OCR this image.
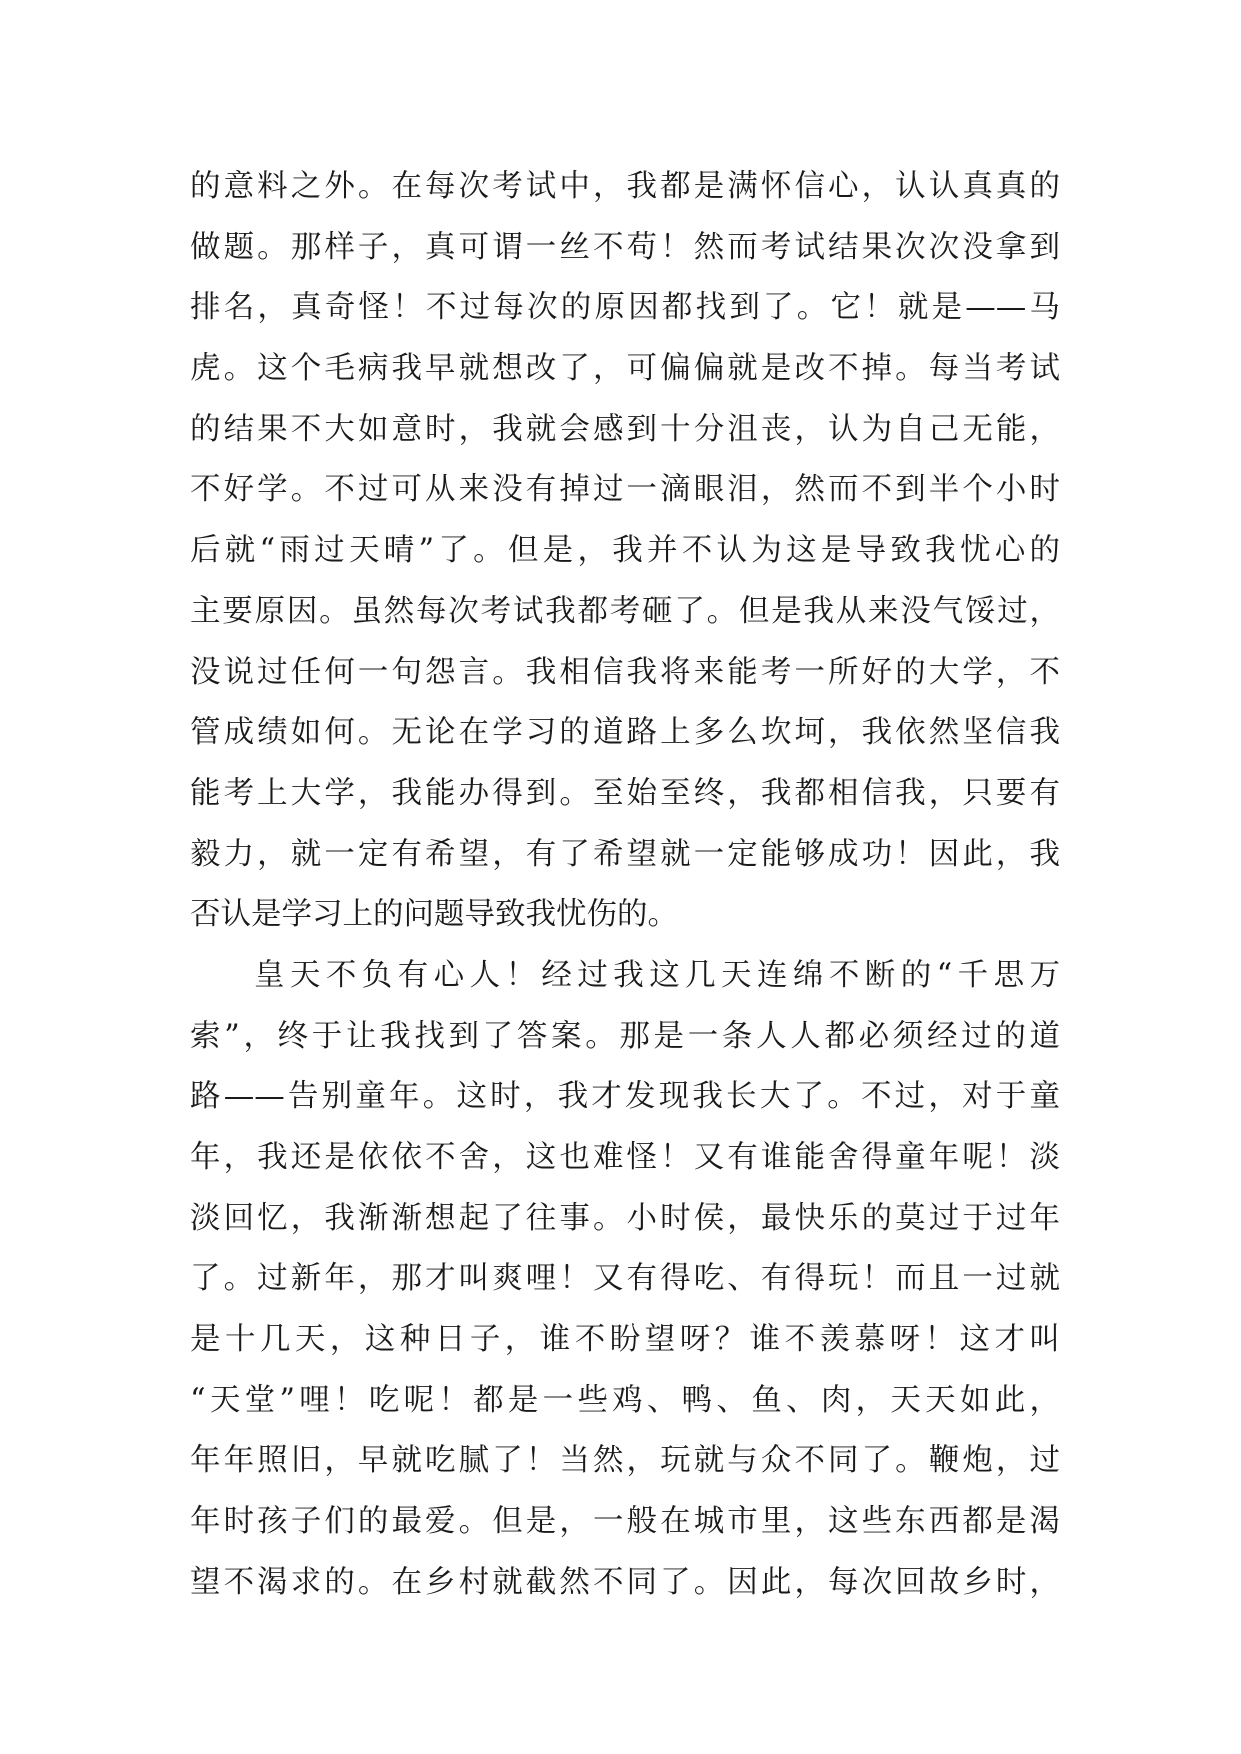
的意料之外。在每次考试中，我都是满怀信心，认认真真的
做题。那样子，真可谓一丝不苟！然而考试结果次次没拿到
排名，真奇怪！不过每次的原因都找到了。它！就是——马
虎。这个毛病我早就想改了，可偏偏就是改不掉。每当考试
的结果不大如意时，我就会感到十分沮丧，认为自己无能，
不好学。不过可从来没有掉过一滴眼泪，然而不到半个小时
后就“雨过天晴”了。但是，我并不认为这是导致我忧心的
主要原因。虽然每次考试我都考砸了。但是我从来没气馁过，
没说过任何一句怨言。我相信我将来能考一所好的大学，不
管成绩如何。无论在学习的道路上多么坎坷，我依然坚信我
能考上大学，我能办得到。至始至终，我都相信我，只要有
毅力，就一定有希望，有了希望就一定能够成功！因此，我
否认是学习上的问题导致我忧伤的。
皇天不负有心人！经过我这几天连绵不断的“千思万
索”，终于让我找到了答案。那是一条人人都必须经过的道
路——告别童年。这时，我才发现我长大了。不过，对于童
年，我还是依依不舍，这也难怪！又有谁能舍得童年呢！淡
淡回忆，我渐渐想起了往事。小时侯，最快乐的莫过于过年
了。过新年，那才叫爽哩！又有得吃、有得玩！而且一过就
是十几天，这种日子，谁不盼望呀？谁不羡慕呀！这才叫
“天堂”哩！吃呢！都是一些鸡、鸭、鱼、肉，天天如此，
年年照旧，早就吃腻了！当然，玩就与众不同了。鞭炮，过
年时孩子们的最爱。但是，一般在城市里，这些东西都是渴
望不渴求的。在乡村就截然不同了。因此，每次回故乡时，
